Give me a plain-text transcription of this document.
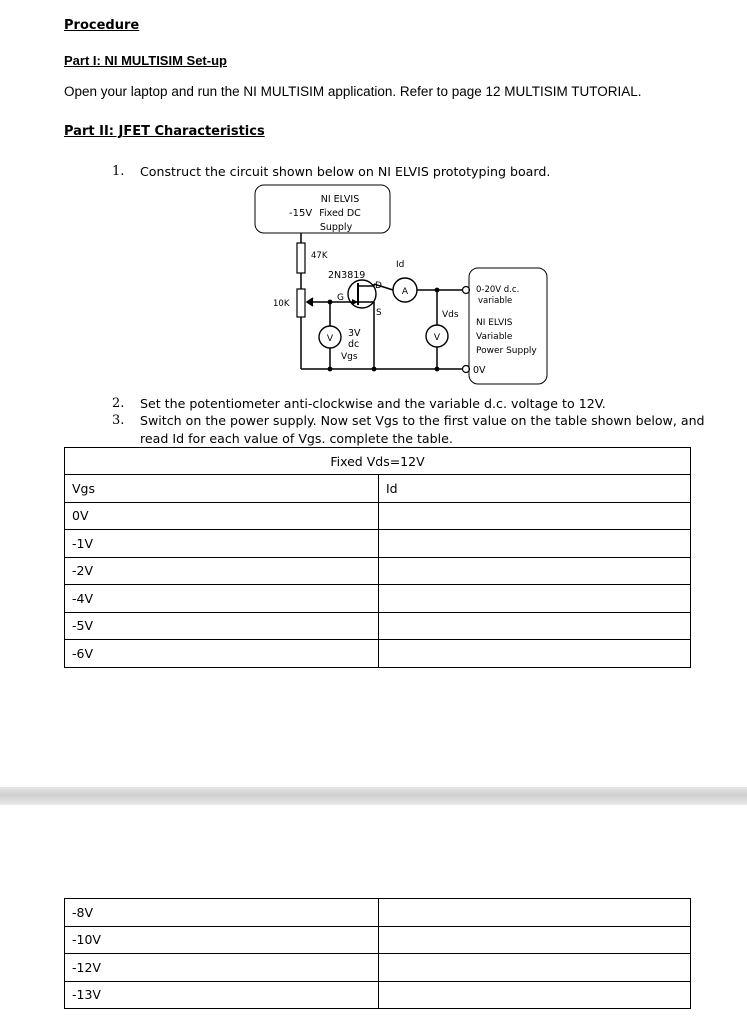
Procedure
Part I: NI MULTISIM Set-up
Open your laptop and run the NI MULTISIM application. Refer to page 12 MULTISIM TUTORIAL.
Part II: JFET Characteristics
1. Construct the circuit shown below on NI ELVIS prototyping board.
NI ELVIS
Fixed DC
Supply
-15V
47K
10K
2N3819
G
D
S
A
Id
V	V
3V
dc
Vgs
Vds
0-20V d.c.
variable
NI ELVIS
Variable
Power Supply
0V
2. Set the potentiometer anti-clockwise and the variable d.c. voltage to 12V.
3. Switch on the power supply. Now set Vgs to the first value on the table shown below, and
read Id for each value of Vgs. complete the table.
Fixed Vds=12V	
Vgs	Id
0V	
-1V	
-2V	
-4V	
-5V	
-6V	
-8V	
-10V	
-12V	
-13V	
